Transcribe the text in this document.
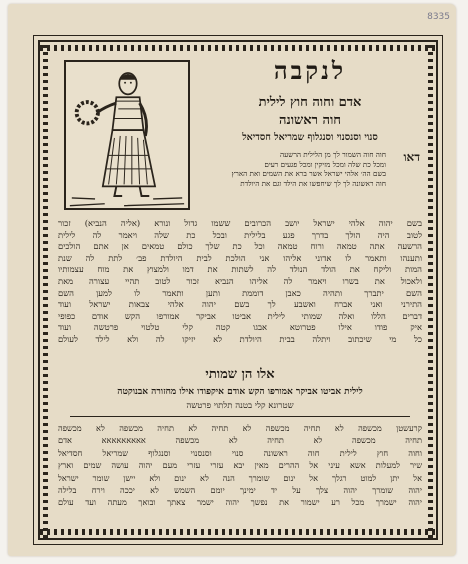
8335
לנקבה
אדם וחוה חוץ לילית
חוה ראשונה
סנוי וסנסנוי וסנגלוף שמריאל חסדיאל
דאו
חוה חוה השמור לך מן הלילית הרשעה
ומכל כת שלה ומכל מזיקין ומכל פגעים רעים
בשם הה׳ אלהי ישראל אשר ברא את השמים ואת הארץ
חוה ראשונה לך לך שיחפשו את הילד וגם את היולדת
בשם יהוה אלהי ישראל יושב הכרובים ששמו גדול ונורא (אליה הנביא) זכור
לטוב היה הולך בדרך פגע בלילית ובכל כת שלה ויאמר לה לילית
הרשעה אתה טמאה ורוח טמאה וכל כת שלך כולם טמאים אן אתם הולכים
ותענהו ותאמר לו אדוני אליהו אני הולכת לבית היולדת פב׳ לתת לה שנת
המות וליקח את הולד הנולד לה לשתות את דמו ולמצוץ את מוח עצמותיו
ולאכול את בשרו ויאמר לה אליהו הנביא זכור לטוב תהיי עצורה מאת
השם יתברך ותהיה כאבן דוממת ותען ותאמר לו למען השם
התירני ואני אברח ואשבע לך בשם יהוה אלהי צבאות ישראל ועוד
דברים הללו ואלה שמותי לילית אביטו אביקר אמורפו הקש אודם כפופי
איק פודו אילו פטרוטא אבגו קטה קלי טלטוי פרטשה ועוד
כל מי שיכתוב ויתלה בבית היולדת לא יזיקו לה ולא לילד לעולם
אלו הן שמותי
לילית אביטו אביקר אמורפו הקש אודם איקפודו אילו מחזורה אבנוקטה
שטרונא קלי בטנה תלתוי פרטשה
קרעשטן מכשפה לא תחיה מכשפה לא תחיה לא תחיה מכשפה לא מכשפה
תחיה מכשפה לא תחיה לא מכשפה אאאאאאאאא אדם
וחוה חוץ לילית חוה ראשונה סנוי וסנסנוי וסנגלוף שמריאל חסדיאל
שיר למעלות אשא עיני אל ההרים מאין יבא עזרי עזרי מעם יהוה עושה שמים וארץ
אל יתן למוט רגלך אל ינום שומרך הנה לא ינום ולא יישן שומר ישראל
יהוה שומרך יהוה צלך על יד ימינך יומם השמש לא יככה וירח בלילה
יהוה ישמרך מכל רע ישמור את נפשך יהוה ישמר צאתך ובואך מעתה ועד עולם
